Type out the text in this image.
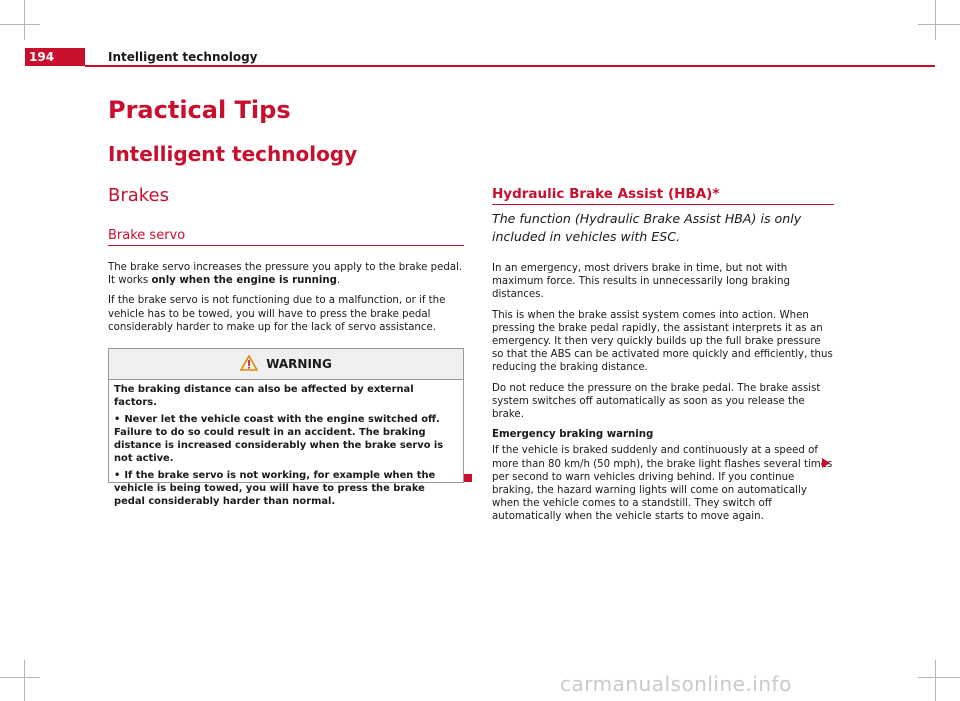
194	Intelligent technology
Practical Tips
Intelligent technology
Brakes
Brake servo

The brake servo increases the pressure you apply to the brake pedal. It works only when the engine is running.

If the brake servo is not functioning due to a malfunction, or if the vehicle has to be towed, you will have to press the brake pedal considerably harder to make up for the lack of servo assistance.

WARNING

The braking distance can also be affected by external factors.

• Never let the vehicle coast with the engine switched off. Failure to do so could result in an accident. The braking distance is increased considerably when the brake servo is not active.

• If the brake servo is not working, for example when the vehicle is being towed, you will have to press the brake pedal considerably harder than normal.

Hydraulic Brake Assist (HBA)*
The function (Hydraulic Brake Assist HBA) is only included in vehicles with ESC.

In an emergency, most drivers brake in time, but not with maximum force. This results in unnecessarily long braking distances.

This is when the brake assist system comes into action. When pressing the brake pedal rapidly, the assistant interprets it as an emergency. It then very quickly builds up the full brake pressure so that the ABS can be activated more quickly and efficiently, thus reducing the braking distance.

Do not reduce the pressure on the brake pedal. The brake assist system switches off automatically as soon as you release the brake.

Emergency braking warning

If the vehicle is braked suddenly and continuously at a speed of more than 80 km/h (50 mph), the brake light flashes several times per second to warn vehicles driving behind. If you continue braking, the hazard warning lights will come on automatically when the vehicle comes to a standstill. They switch off automatically when the vehicle starts to move again.

carmanualsonline.info
